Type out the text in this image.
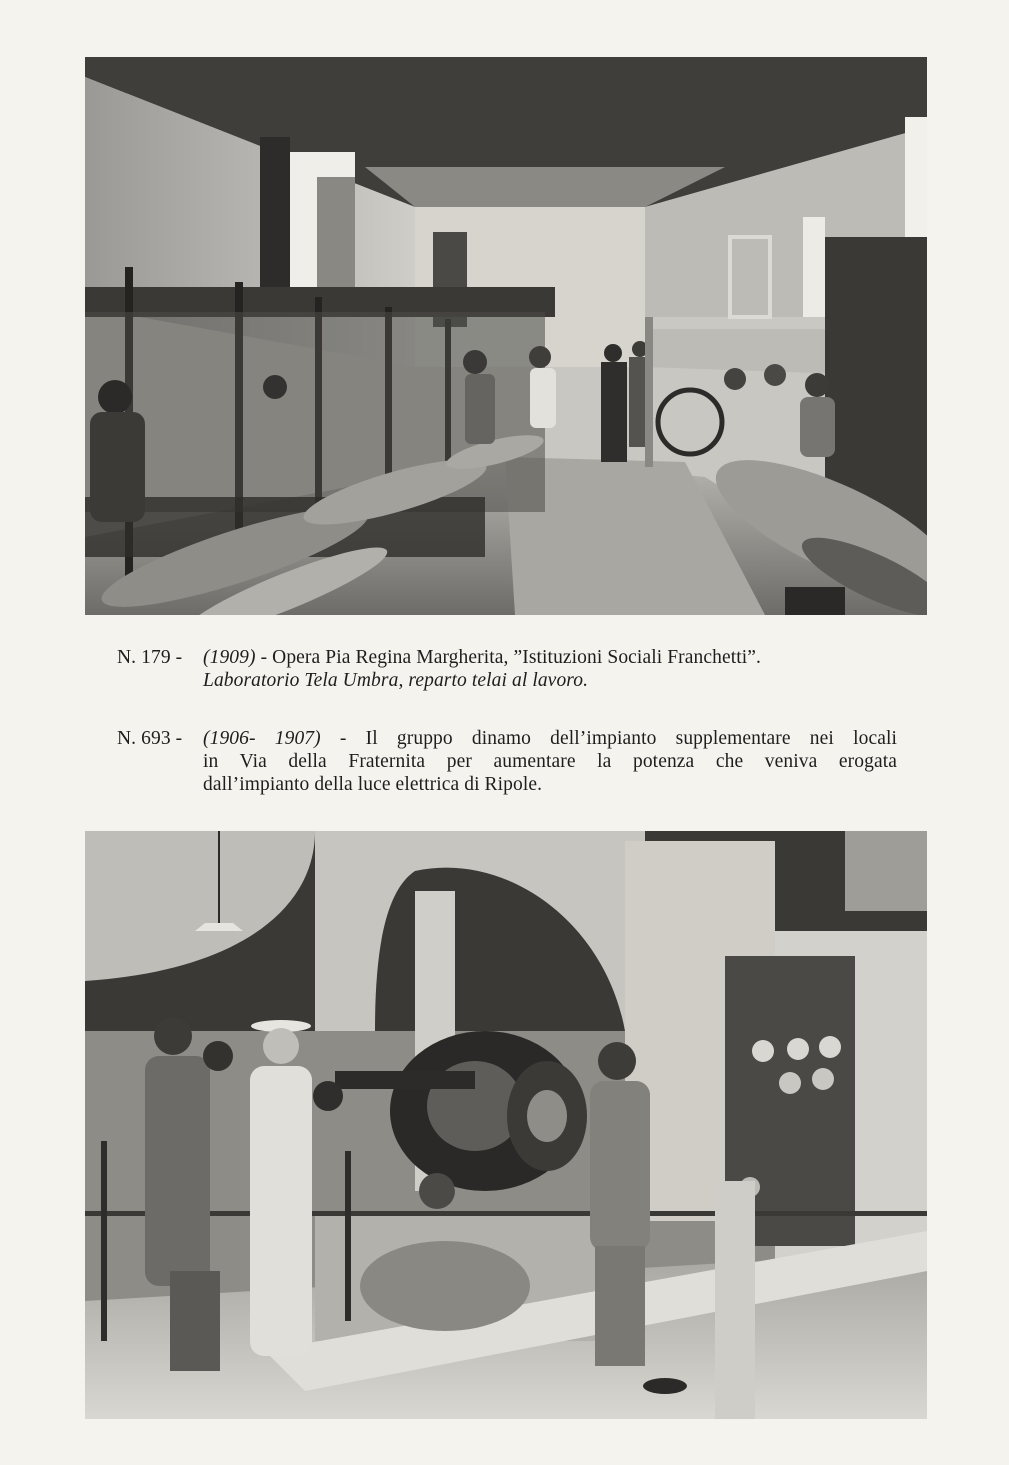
N. 179 -	(1909) - Opera Pia Regina Margherita, ”Istituzioni Sociali Franchetti”.
Laboratorio Tela Umbra, reparto telai al lavoro.
N. 693 -	(1906- 1907) - Il gruppo dinamo dell’impianto supplementare nei locali
in Via della Fraternita per aumentare la potenza che veniva erogata
dall’impianto della luce elettrica di Ripole.
